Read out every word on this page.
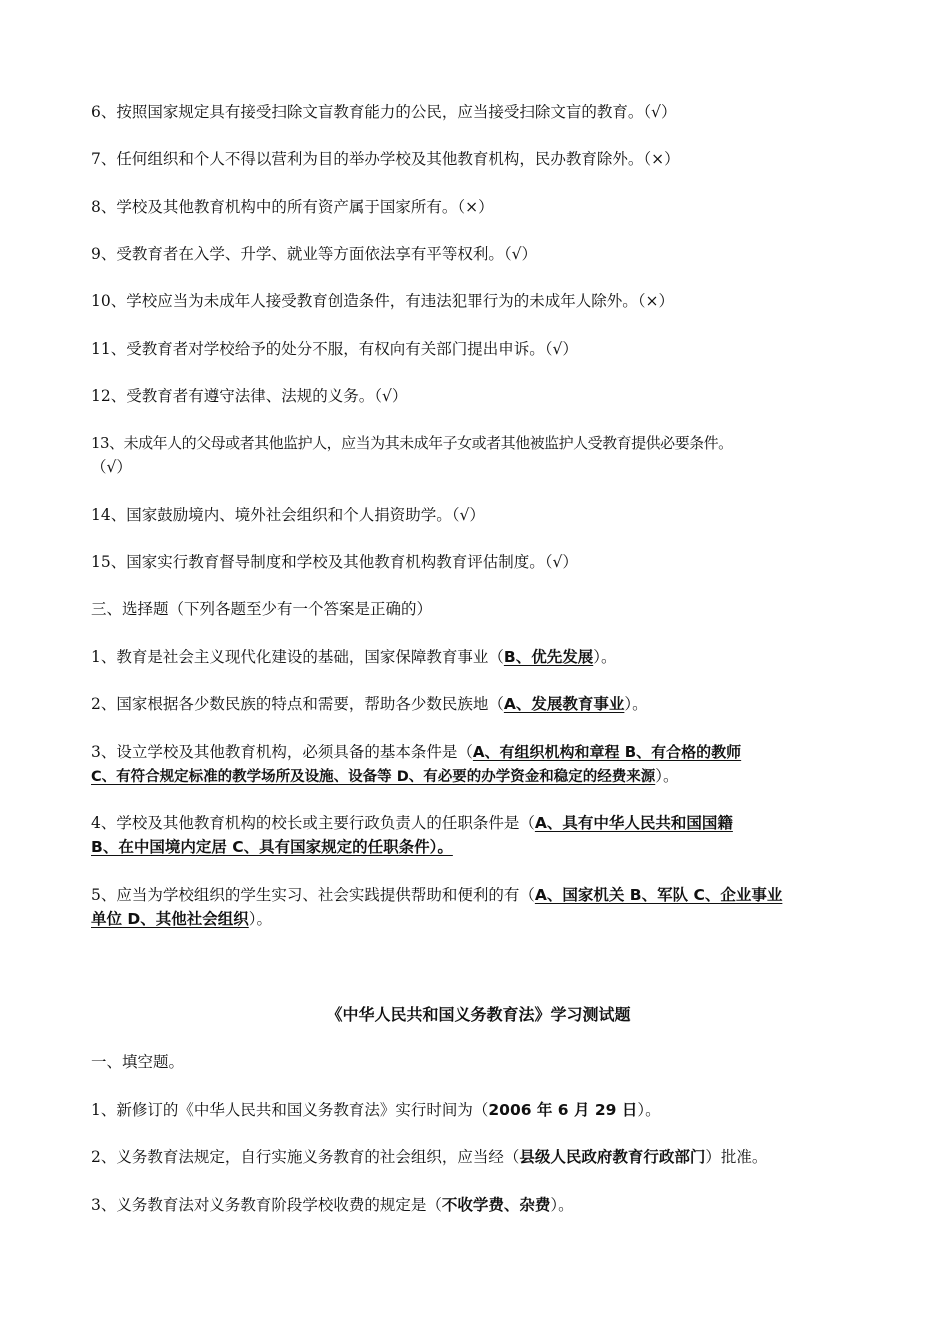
6、按照国家规定具有接受扫除文盲教育能力的公民，应当接受扫除文盲的教育。（√）
7、任何组织和个人不得以营利为目的举办学校及其他教育机构，民办教育除外。（×）
8、学校及其他教育机构中的所有资产属于国家所有。（×）
9、受教育者在入学、升学、就业等方面依法享有平等权利。（√）
10、学校应当为未成年人接受教育创造条件，有违法犯罪行为的未成年人除外。（×）
11、受教育者对学校给予的处分不服，有权向有关部门提出申诉。（√）
12、受教育者有遵守法律、法规的义务。（√）
13、未成年人的父母或者其他监护人，应当为其未成年子女或者其他被监护人受教育提供必要条件。
（√）
14、国家鼓励境内、境外社会组织和个人捐资助学。（√）
15、国家实行教育督导制度和学校及其他教育机构教育评估制度。（√）
三、选择题（下列各题至少有一个答案是正确的）
1、教育是社会主义现代化建设的基础，国家保障教育事业（B、优先发展）。
2、国家根据各少数民族的特点和需要，帮助各少数民族地（A、发展教育事业）。
3、设立学校及其他教育机构，必须具备的基本条件是（A、有组织机构和章程 B、有合格的教师
C、有符合规定标准的教学场所及设施、设备等 D、有必要的办学资金和稳定的经费来源）。
4、学校及其他教育机构的校长或主要行政负责人的任职条件是（A、具有中华人民共和国国籍
B、在中国境内定居 C、具有国家规定的任职条件）。
5、应当为学校组织的学生实习、社会实践提供帮助和便利的有（A、国家机关 B、军队 C、企业事业
单位 D、其他社会组织）。
《中华人民共和国义务教育法》学习测试题
一、填空题。
1、新修订的《中华人民共和国义务教育法》实行时间为（2006 年 6 月 29 日）。
2、义务教育法规定，自行实施义务教育的社会组织，应当经（县级人民政府教育行政部门）批准。
3、义务教育法对义务教育阶段学校收费的规定是（不收学费、杂费）。
